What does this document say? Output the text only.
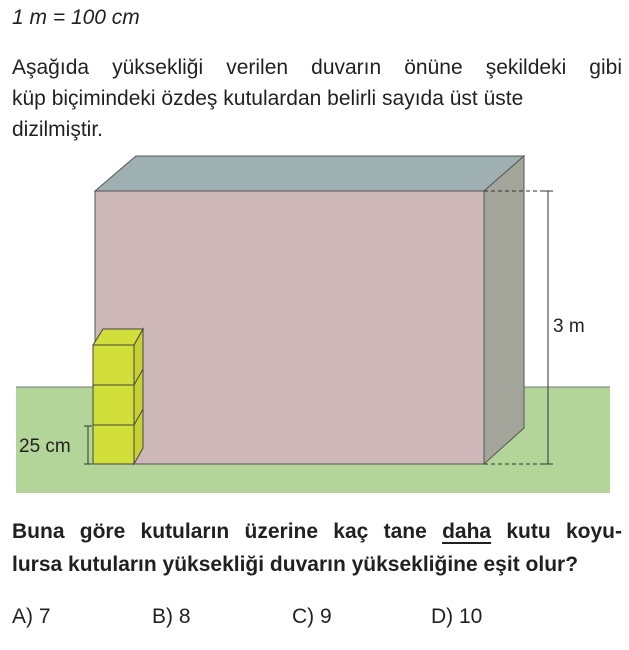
1 m = 100 cm
Aşağıda yüksekliği verilen duvarın önüne şekildeki gibi
küp biçimindeki özdeş kutulardan belirli sayıda üst üste
dizilmiştir.
3 m
25 cm
Buna göre kutuların üzerine kaç tane daha kutu koyu-
lursa kutuların yüksekliği duvarın yüksekliğine eşit olur?
A) 7	B) 8	C) 9	D) 10
